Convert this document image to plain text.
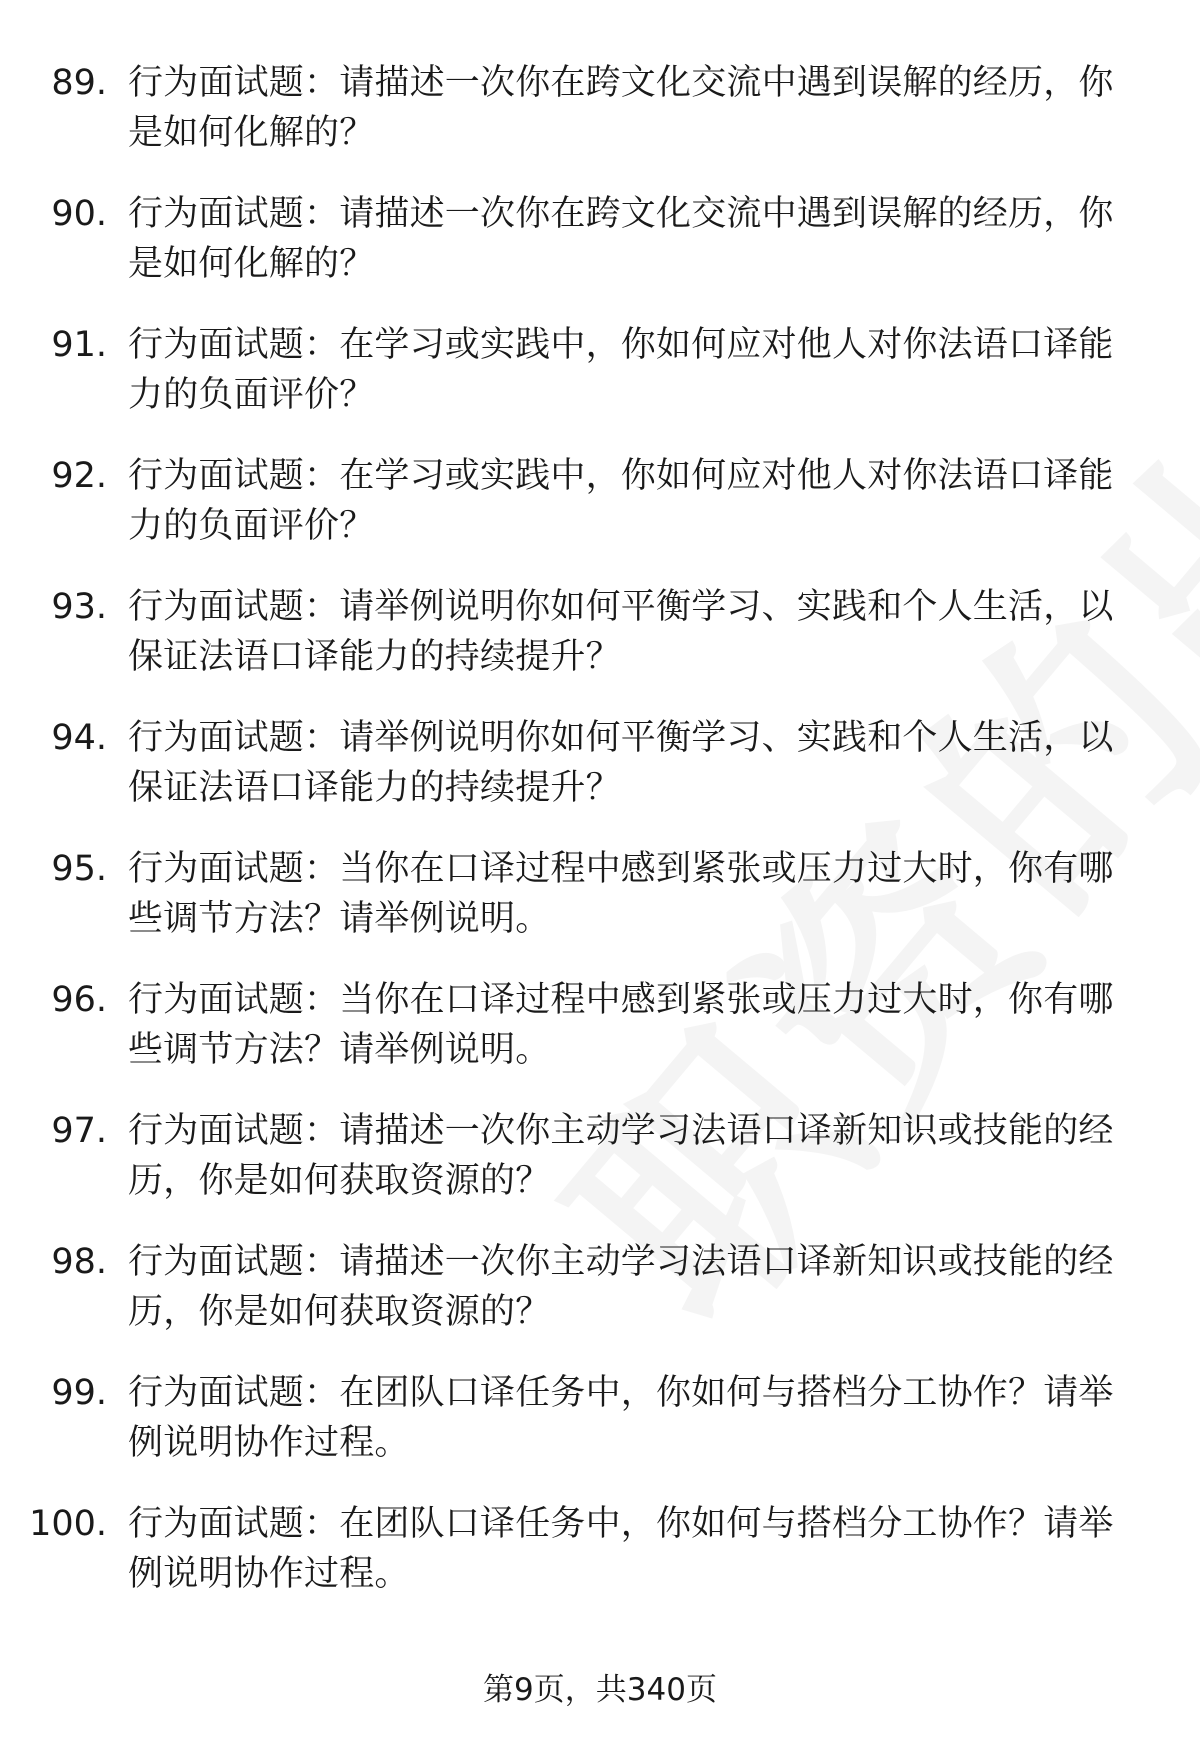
89. 行为面试题：请描述一次你在跨文化交流中遇到误解的经历，你是如何化解的？
90. 行为面试题：请描述一次你在跨文化交流中遇到误解的经历，你是如何化解的？
91. 行为面试题：在学习或实践中，你如何应对他人对你法语口译能力的负面评价？
92. 行为面试题：在学习或实践中，你如何应对他人对你法语口译能力的负面评价？
93. 行为面试题：请举例说明你如何平衡学习、实践和个人生活，以保证法语口译能力的持续提升？
94. 行为面试题：请举例说明你如何平衡学习、实践和个人生活，以保证法语口译能力的持续提升？
95. 行为面试题：当你在口译过程中感到紧张或压力过大时，你有哪些调节方法？请举例说明。
96. 行为面试题：当你在口译过程中感到紧张或压力过大时，你有哪些调节方法？请举例说明。
97. 行为面试题：请描述一次你主动学习法语口译新知识或技能的经历，你是如何获取资源的？
98. 行为面试题：请描述一次你主动学习法语口译新知识或技能的经历，你是如何获取资源的？
99. 行为面试题：在团队口译任务中，你如何与搭档分工协作？请举例说明协作过程。
100. 行为面试题：在团队口译任务中，你如何与搭档分工协作？请举例说明协作过程。
第9页，共340页
